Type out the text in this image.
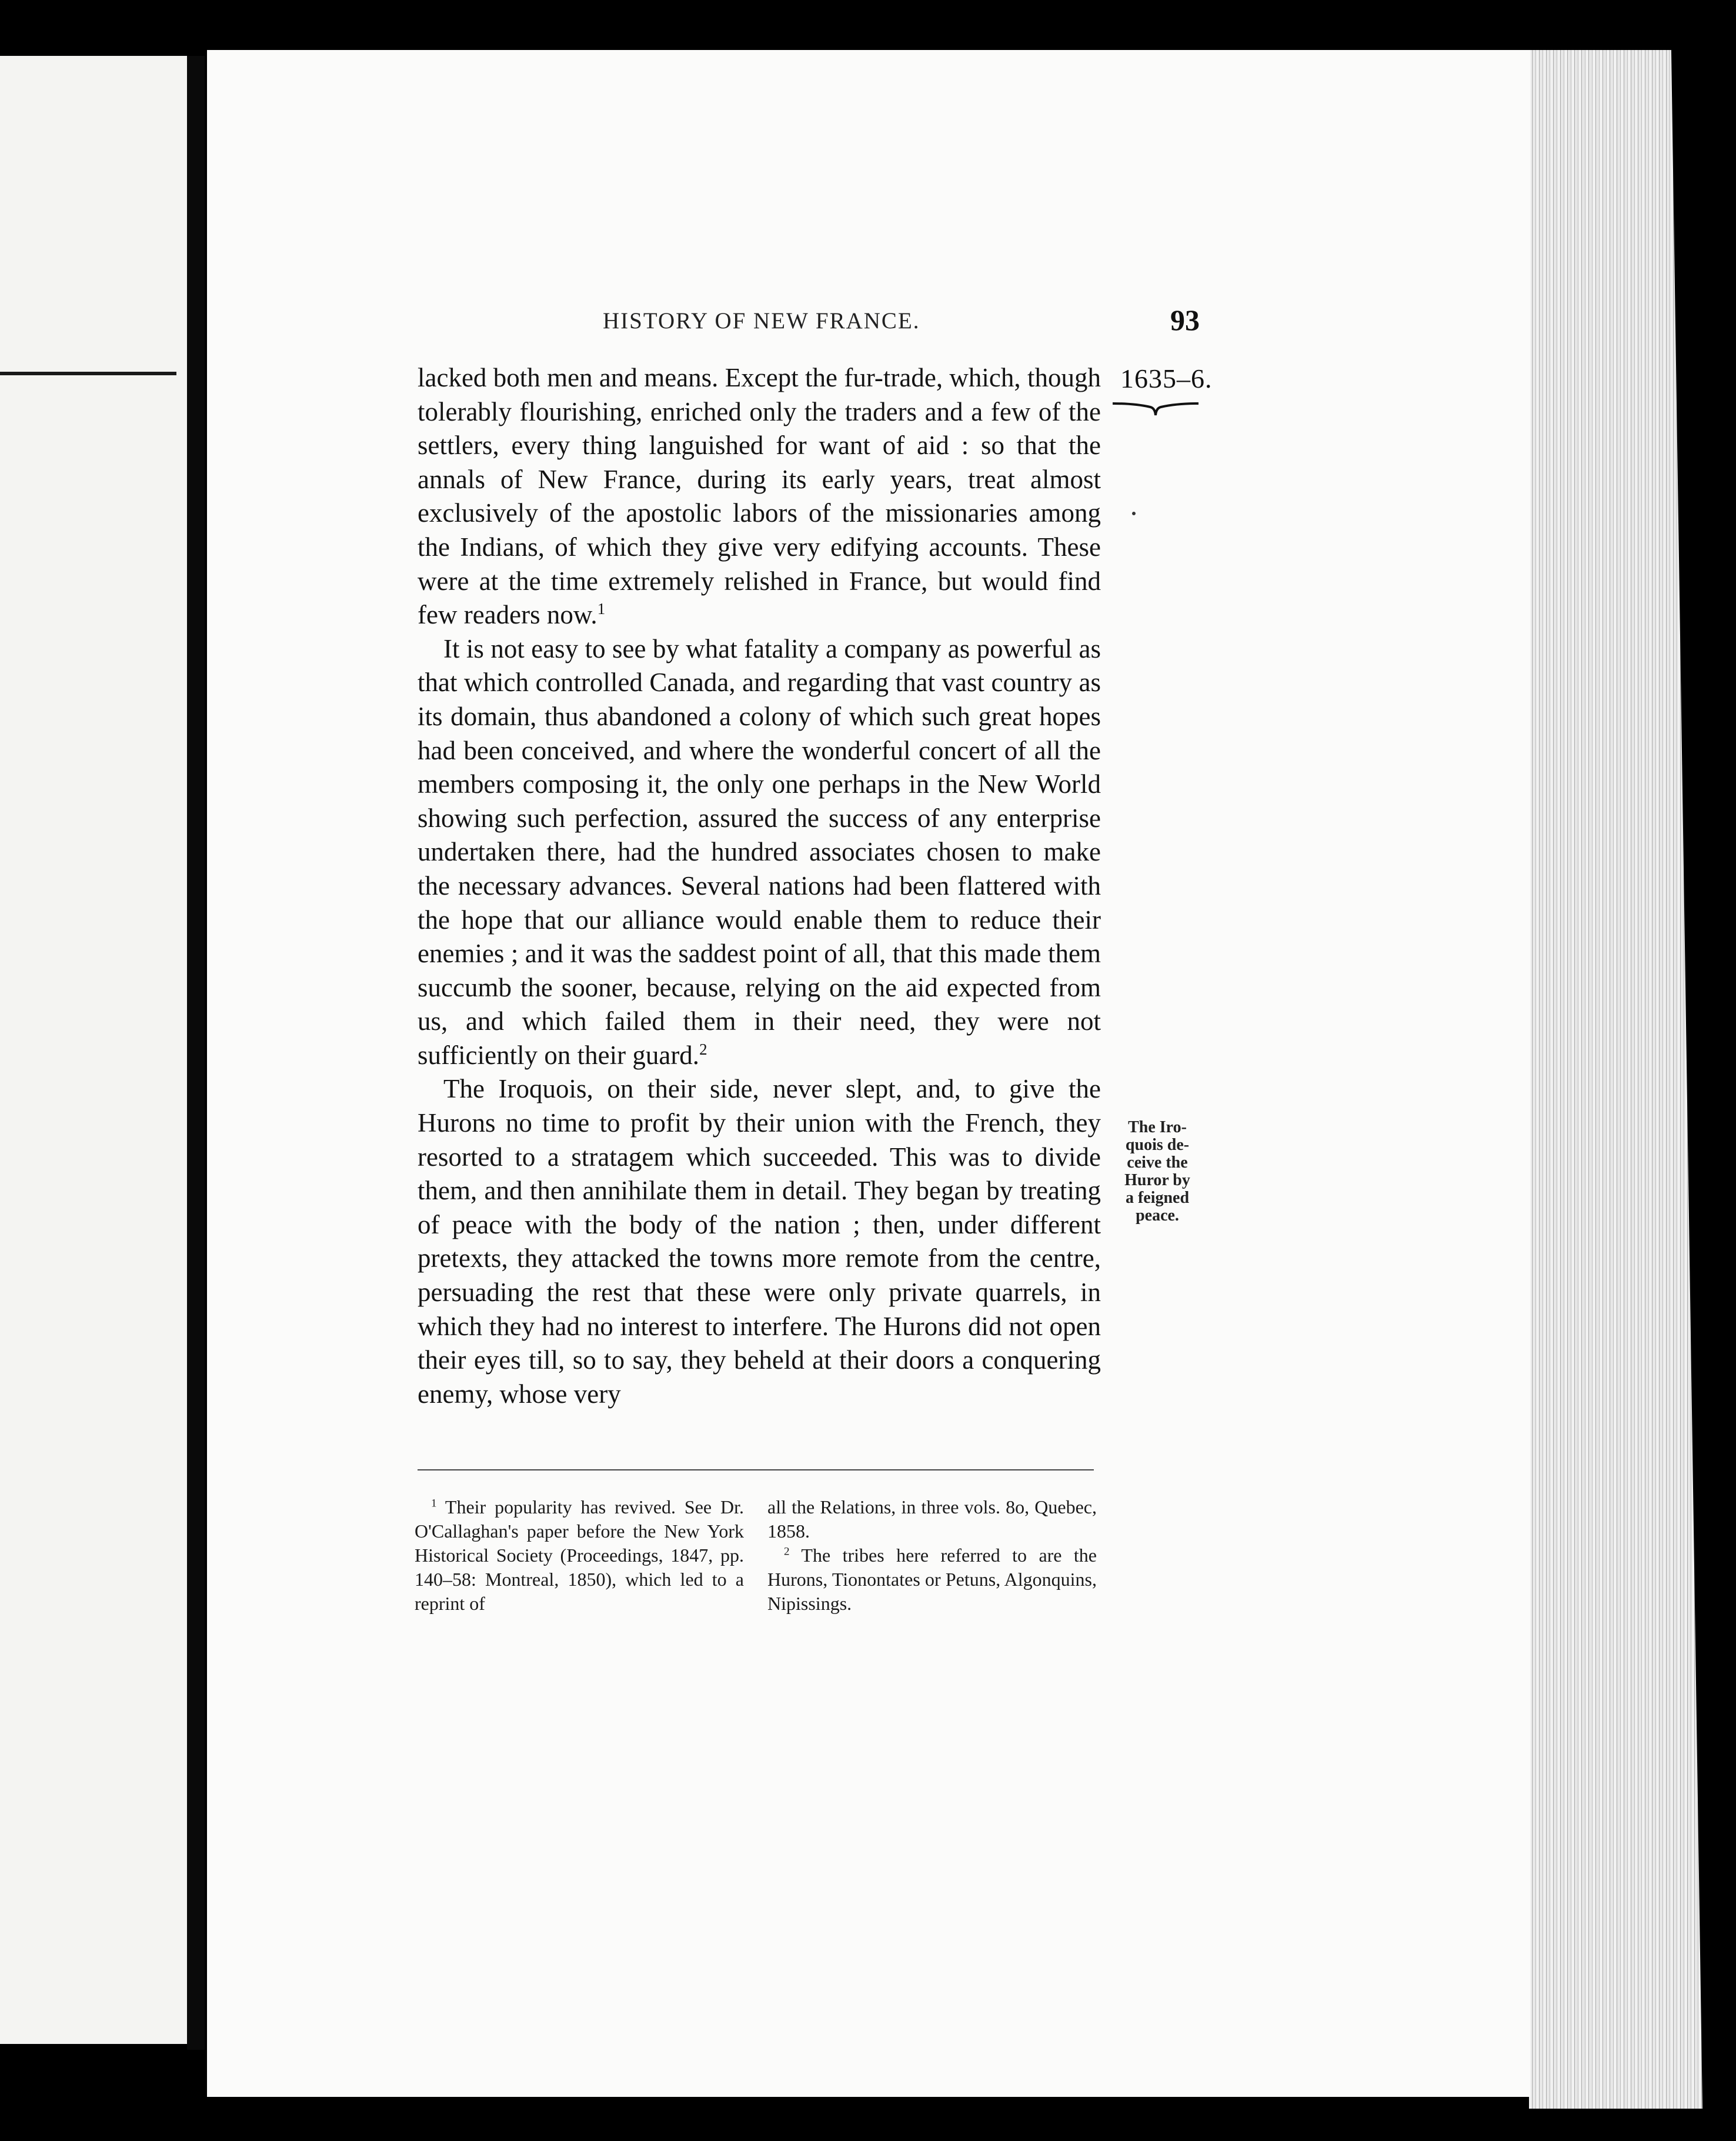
HISTORY OF NEW FRANCE.	93
1635–6.

lacked both men and means. Except the fur-trade, which, though tolerably flourishing, enriched only the traders and a few of the settlers, every thing languished for want of aid : so that the annals of New France, during its early years, treat almost exclusively of the apostolic labors of the missionaries among the Indians, of which they give very edifying accounts. These were at the time extremely relished in France, but would find few readers now.$^1$

It is not easy to see by what fatality a company as powerful as that which controlled Canada, and regarding that vast country as its domain, thus abandoned a colony of which such great hopes had been conceived, and where the wonderful concert of all the members composing it, the only one perhaps in the New World showing such perfection, assured the success of any enterprise undertaken there, had the hundred associates chosen to make the necessary advances. Several nations had been flattered with the hope that our alliance would enable them to reduce their enemies ; and it was the saddest point of all, that this made them succumb the sooner, because, relying on the aid expected from us, and which failed them in their need, they were not sufficiently on their guard.$^2$

The Iroquois, on their side, never slept, and, to give the Hurons no time to profit by their union with the French, they resorted to a stratagem which succeeded. This was to divide them, and then annihilate them in detail. They began by treating of peace with the body of the nation ; then, under different pretexts, they attacked the towns more remote from the centre, persuading the rest that these were only private quarrels, in which they had no interest to interfere. The Hurons did not open their eyes till, so to say, they beheld at their doors a conquering enemy, whose very

The Iro-
quois de-
ceive the
Huror by
a feigned
peace.

$^1$ Their popularity has revived. See Dr. O'Callaghan's paper before the New York Historical Society (Proceedings, 1847, pp. 140–58: Montreal, 1850), which led to a reprint of

all the Relations, in three vols. 8o, Quebec, 1858.

$^2$ The tribes here referred to are the Hurons, Tionontates or Petuns, Algonquins, Nipissings.
